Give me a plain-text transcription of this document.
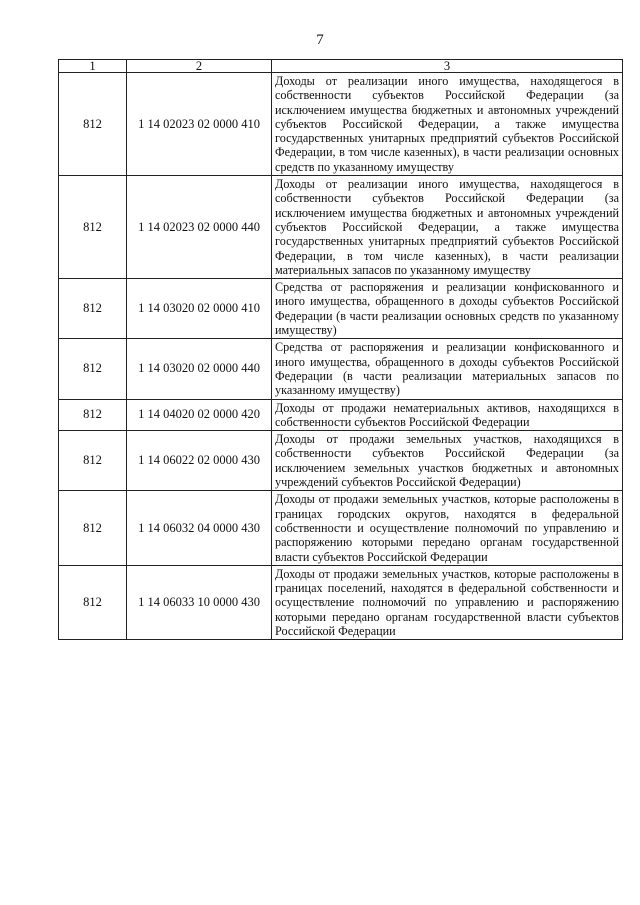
7
1	2	3
812	1 14 02023 02 0000 410	Доходы от реализации иного имущества, находящегося в собственности субъектов Российской Федерации (за исключением имущества бюджетных и автономных учреждений субъектов Российской Федерации, а также имущества государственных унитарных предприятий субъектов Российской Федерации, в том числе казенных), в части реализации основных средств по указанному имуществу
812	1 14 02023 02 0000 440	Доходы от реализации иного имущества, находящегося в собственности субъектов Российской Федерации (за исключением имущества бюджетных и автономных учреждений субъектов Российской Федерации, а также имущества государственных унитарных предприятий субъектов Российской Федерации, в том числе казенных), в части реализации материальных запасов по указанному имуществу
812	1 14 03020 02 0000 410	Средства от распоряжения и реализации конфискованного и иного имущества, обращенного в доходы субъектов Российской Федерации (в части реализации основных средств по указанному имуществу)
812	1 14 03020 02 0000 440	Средства от распоряжения и реализации конфискованного и иного имущества, обращенного в доходы субъектов Российской Федерации (в части реализации материальных запасов по указанному имуществу)
812	1 14 04020 02 0000 420	Доходы от продажи нематериальных активов, находящихся в собственности субъектов Российской Федерации
812	1 14 06022 02 0000 430	Доходы от продажи земельных участков, находящихся в собственности субъектов Российской Федерации (за исключением земельных участков бюджетных и автономных учреждений субъектов Российской Федерации)
812	1 14 06032 04 0000 430	Доходы от продажи земельных участков, которые расположены в границах городских округов, находятся в федеральной собственности и осуществление полномочий по управлению и распоряжению которыми передано органам государственной власти субъектов Российской Федерации
812	1 14 06033 10 0000 430	Доходы от продажи земельных участков, которые расположены в границах поселений, находятся в федеральной собственности и осуществление полномочий по управлению и распоряжению которыми передано органам государственной власти субъектов Российской Федерации
